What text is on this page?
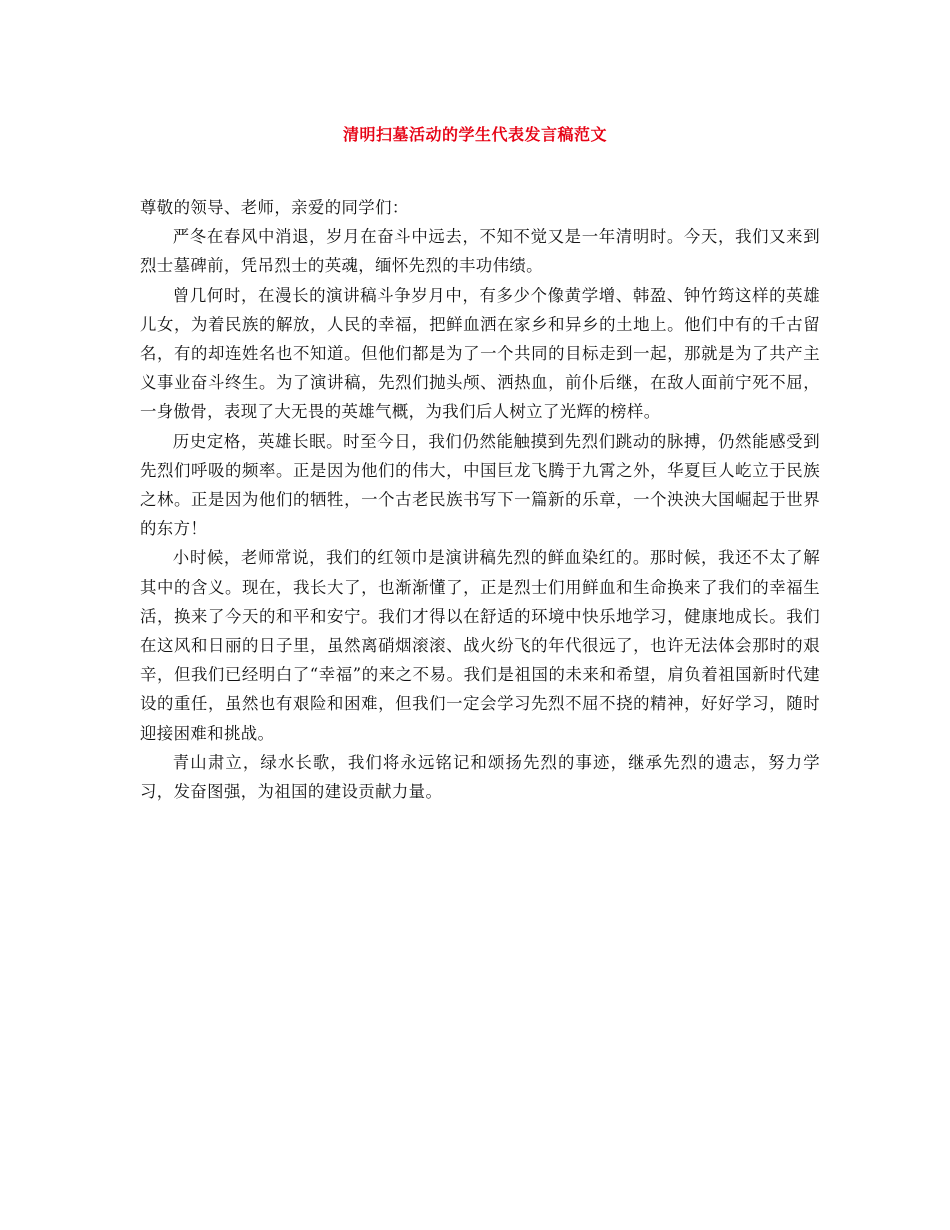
清明扫墓活动的学生代表发言稿范文

尊敬的领导、老师，亲爱的同学们：

严冬在春风中消退，岁月在奋斗中远去，不知不觉又是一年清明时。今天，我们又来到烈士墓碑前，凭吊烈士的英魂，缅怀先烈的丰功伟绩。

曾几何时，在漫长的演讲稿斗争岁月中，有多少个像黄学增、韩盈、钟竹筠这样的英雄儿女，为着民族的解放，人民的幸福，把鲜血洒在家乡和异乡的土地上。他们中有的千古留名，有的却连姓名也不知道。但他们都是为了一个共同的目标走到一起，那就是为了共产主义事业奋斗终生。为了演讲稿，先烈们抛头颅、洒热血，前仆后继，在敌人面前宁死不屈，一身傲骨，表现了大无畏的英雄气概，为我们后人树立了光辉的榜样。

历史定格，英雄长眠。时至今日，我们仍然能触摸到先烈们跳动的脉搏，仍然能感受到先烈们呼吸的频率。正是因为他们的伟大，中国巨龙飞腾于九霄之外，华夏巨人屹立于民族之林。正是因为他们的牺牲，一个古老民族书写下一篇新的乐章，一个泱泱大国崛起于世界的东方！

小时候，老师常说，我们的红领巾是演讲稿先烈的鲜血染红的。那时候，我还不太了解其中的含义。现在，我长大了，也渐渐懂了，正是烈士们用鲜血和生命换来了我们的幸福生活，换来了今天的和平和安宁。我们才得以在舒适的环境中快乐地学习，健康地成长。我们在这风和日丽的日子里，虽然离硝烟滚滚、战火纷飞的年代很远了，也许无法体会那时的艰辛，但我们已经明白了“幸福”的来之不易。我们是祖国的未来和希望，肩负着祖国新时代建设的重任，虽然也有艰险和困难，但我们一定会学习先烈不屈不挠的精神，好好学习，随时迎接困难和挑战。

青山肃立，绿水长歌，我们将永远铭记和颂扬先烈的事迹，继承先烈的遗志，努力学习，发奋图强，为祖国的建设贡献力量。
